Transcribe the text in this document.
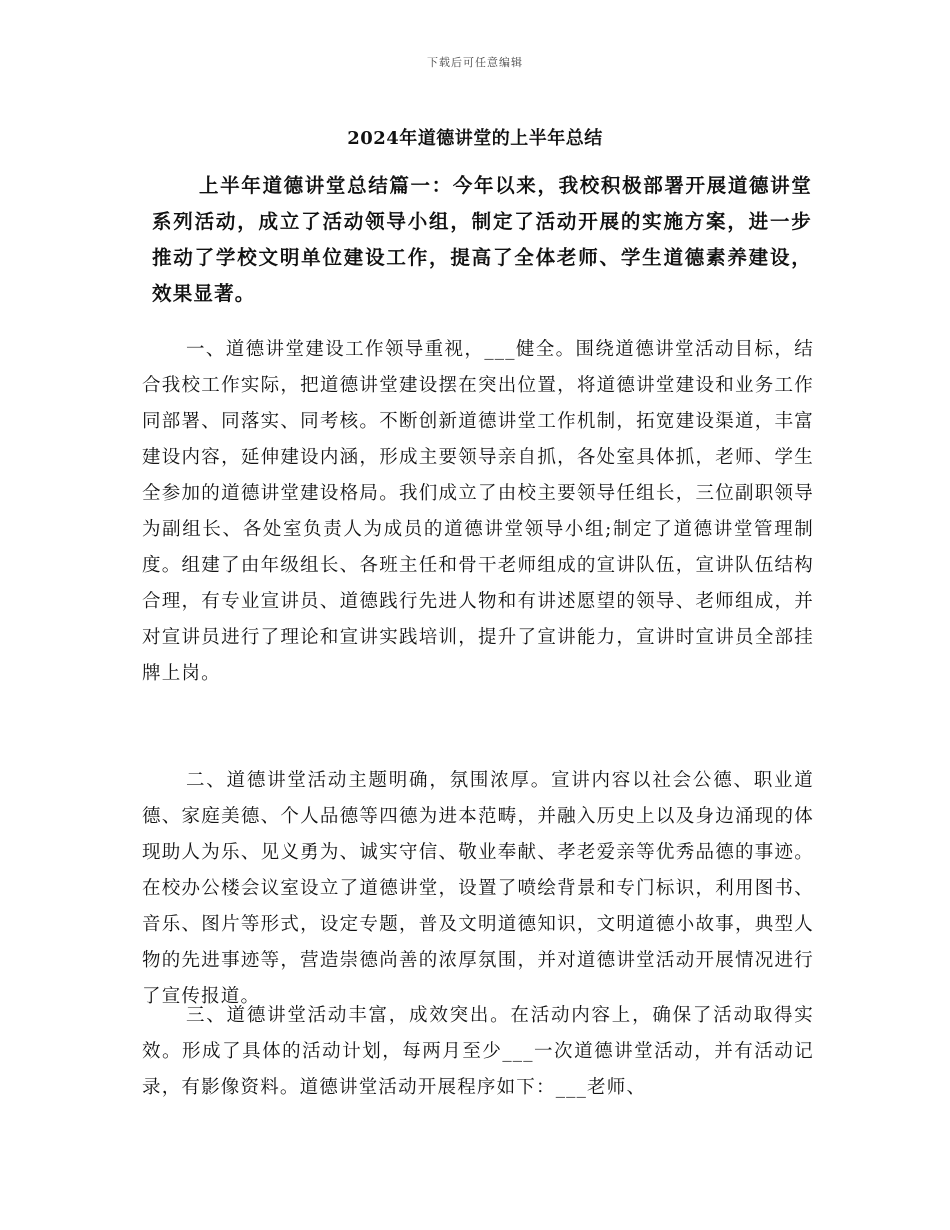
下载后可任意编辑
2024年道德讲堂的上半年总结
上半年道德讲堂总结篇一：今年以来，我校积极部署开展道德讲堂系列活动，成立了活动领导小组，制定了活动开展的实施方案，进一步推动了学校文明单位建设工作，提高了全体老师、学生道德素养建设，效果显著。

一、道德讲堂建设工作领导重视，___健全。围绕道德讲堂活动目标，结合我校工作实际，把道德讲堂建设摆在突出位置，将道德讲堂建设和业务工作同部署、同落实、同考核。不断创新道德讲堂工作机制，拓宽建设渠道，丰富建设内容，延伸建设内涵，形成主要领导亲自抓，各处室具体抓，老师、学生全参加的道德讲堂建设格局。我们成立了由校主要领导任组长，三位副职领导为副组长、各处室负责人为成员的道德讲堂领导小组;制定了道德讲堂管理制度。组建了由年级组长、各班主任和骨干老师组成的宣讲队伍，宣讲队伍结构合理，有专业宣讲员、道德践行先进人物和有讲述愿望的领导、老师组成，并对宣讲员进行了理论和宣讲实践培训，提升了宣讲能力，宣讲时宣讲员全部挂牌上岗。

二、道德讲堂活动主题明确，氛围浓厚。宣讲内容以社会公德、职业道德、家庭美德、个人品德等四德为进本范畴，并融入历史上以及身边涌现的体现助人为乐、见义勇为、诚实守信、敬业奉献、孝老爱亲等优秀品德的事迹。在校办公楼会议室设立了道德讲堂，设置了喷绘背景和专门标识，利用图书、音乐、图片等形式，设定专题，普及文明道德知识，文明道德小故事，典型人物的先进事迹等，营造崇德尚善的浓厚氛围，并对道德讲堂活动开展情况进行了宣传报道。

三、道德讲堂活动丰富，成效突出。在活动内容上，确保了活动取得实效。形成了具体的活动计划，每两月至少___一次道德讲堂活动，并有活动记录，有影像资料。道德讲堂活动开展程序如下：___老师、
